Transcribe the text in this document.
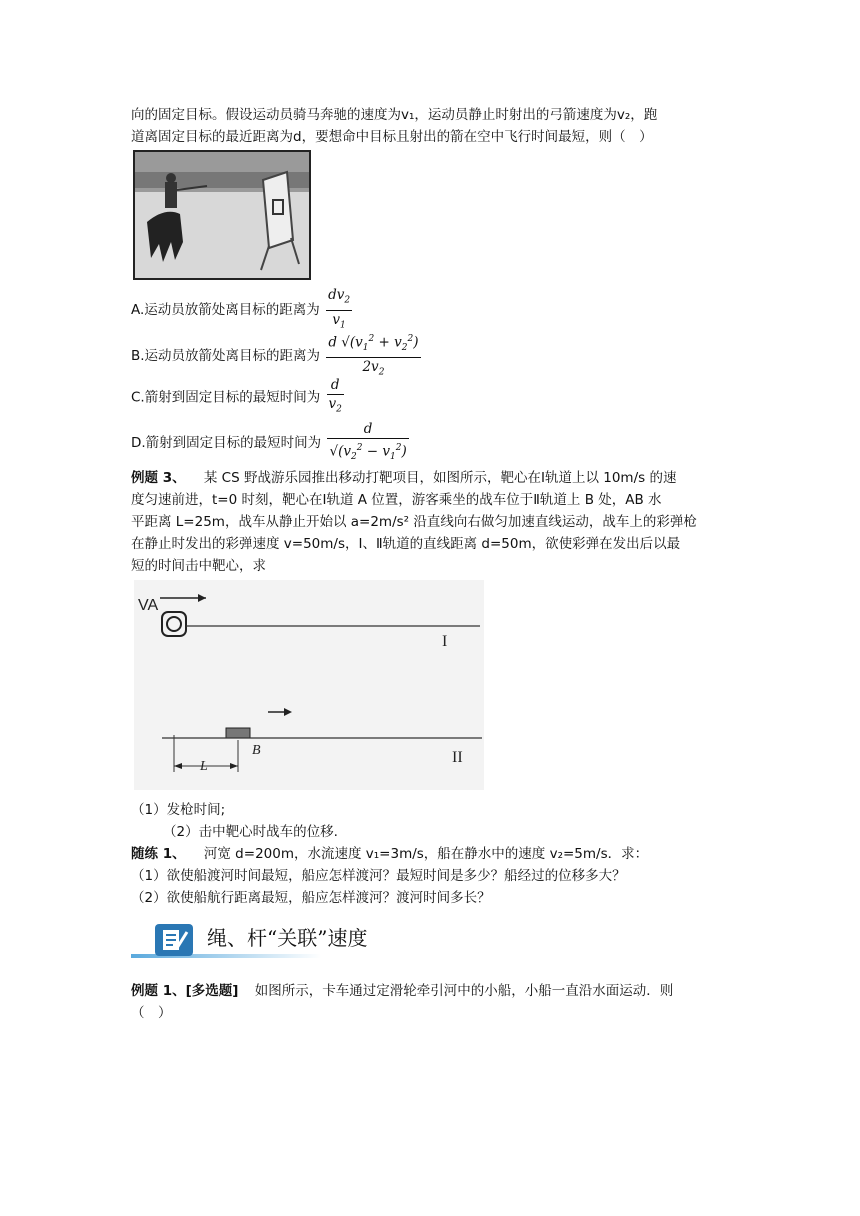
向的固定目标。假设运动员骑马奔驰的速度为v₁，运动员静止时射出的弓箭速度为v₂，跑
道离固定目标的最近距离为d，要想命中目标且射出的箭在空中飞行时间最短，则（　）
A.运动员放箭处离目标的距离为 $\frac{dv_2}{v_1}$
B.运动员放箭处离目标的距离为 $\frac{d √(v_1^2 + v_2^2)}{2v_2}$
C.箭射到固定目标的最短时间为 $\frac{d}{v_2}$
D.箭射到固定目标的最短时间为 $\frac{d}{√(v_2^2 - v_1^2)}$
例题 3、 某 CS 野战游乐园推出移动打靶项目，如图所示，靶心在Ⅰ轨道上以 10m/s 的速
度匀速前进，t=0 时刻，靶心在Ⅰ轨道 A 位置，游客乘坐的战车位于Ⅱ轨道上 B 处，AB 水
平距离 L=25m，战车从静止开始以 a=2m/s² 沿直线向右做匀加速直线运动，战车上的彩弹枪
在静止时发出的彩弹速度 v=50m/s，Ⅰ、Ⅱ轨道的直线距离 d=50m，欲使彩弹在发出后以最
短的时间击中靶心，求
VA
I
B	II
L
（1）发枪时间;
（2）击中靶心时战车的位移.
随练 1、 河宽 d=200m，水流速度 v₁=3m/s，船在静水中的速度 v₂=5m/s．求：
（1）欲使船渡河时间最短，船应怎样渡河？最短时间是多少？船经过的位移多大？
（2）欲使船航行距离最短，船应怎样渡河？渡河时间多长？
绳、杆“关联”速度
例题 1、[多选题] 如图所示，卡车通过定滑轮牵引河中的小船，小船一直沿水面运动．则
（　）
